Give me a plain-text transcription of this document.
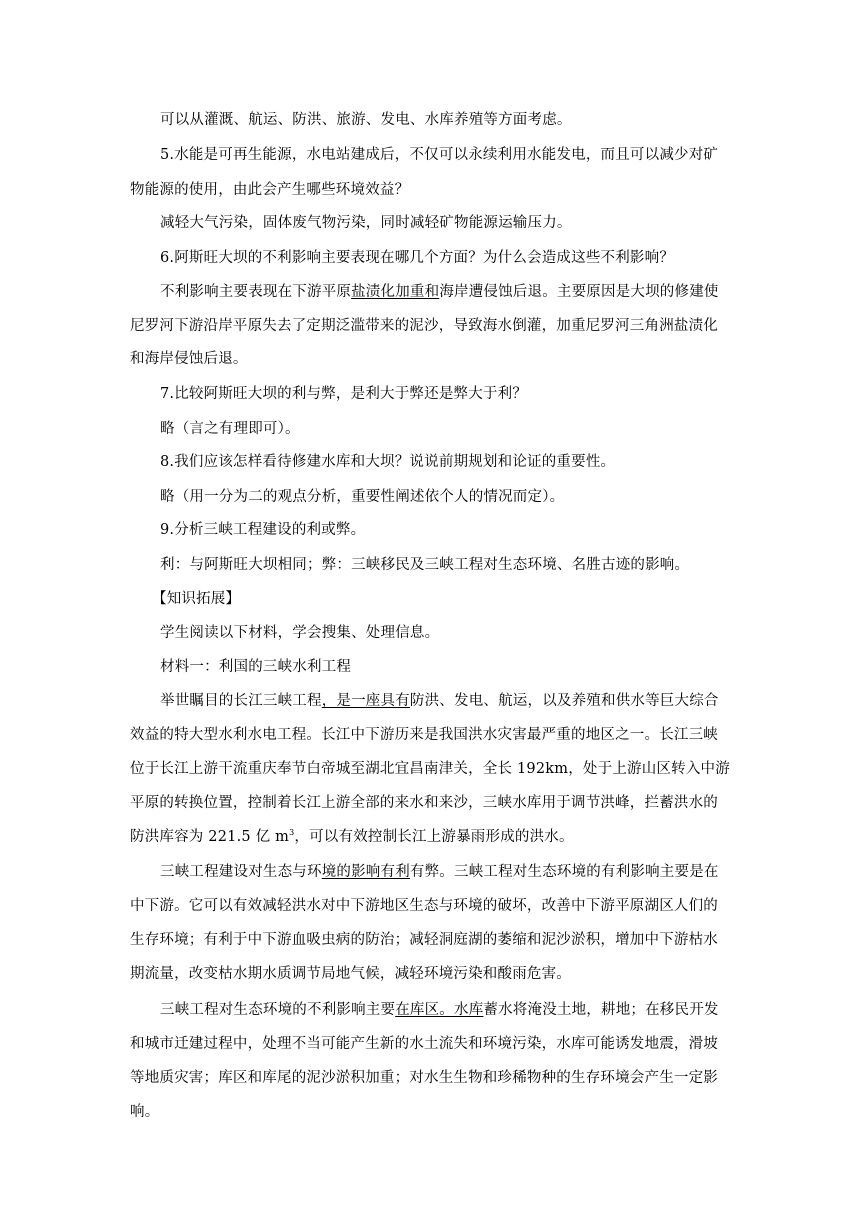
可以从灌溉、航运、防洪、旅游、发电、水库养殖等方面考虑。
5.水能是可再生能源，水电站建成后，不仅可以永续利用水能发电，而且可以减少对矿
物能源的使用，由此会产生哪些环境效益？
减轻大气污染，固体废气物污染，同时减轻矿物能源运输压力。
6.阿斯旺大坝的不利影响主要表现在哪几个方面？为什么会造成这些不利影响？
不利影响主要表现在下游平原盐渍化加重和海岸遭侵蚀后退。主要原因是大坝的修建使
尼罗河下游沿岸平原失去了定期泛滥带来的泥沙，导致海水倒灌，加重尼罗河三角洲盐渍化
和海岸侵蚀后退。
7.比较阿斯旺大坝的利与弊，是利大于弊还是弊大于利？
略（言之有理即可）。
8.我们应该怎样看待修建水库和大坝？说说前期规划和论证的重要性。
略（用一分为二的观点分析，重要性阐述依个人的情况而定）。
9.分析三峡工程建设的利或弊。
利：与阿斯旺大坝相同；弊：三峡移民及三峡工程对生态环境、名胜古迹的影响。
【知识拓展】
学生阅读以下材料，学会搜集、处理信息。
材料一：利国的三峡水利工程
举世瞩目的长江三峡工程，是一座具有防洪、发电、航运，以及养殖和供水等巨大综合
效益的特大型水利水电工程。长江中下游历来是我国洪水灾害最严重的地区之一。长江三峡
位于长江上游干流重庆奉节白帝城至湖北宜昌南津关，全长 192km，处于上游山区转入中游
平原的转换位置，控制着长江上游全部的来水和来沙，三峡水库用于调节洪峰，拦蓄洪水的
防洪库容为 221.5 亿 $m^3$，可以有效控制长江上游暴雨形成的洪水。
三峡工程建设对生态与环境的影响有利有弊。三峡工程对生态环境的有利影响主要是在
中下游。它可以有效减轻洪水对中下游地区生态与环境的破坏，改善中下游平原湖区人们的
生存环境；有利于中下游血吸虫病的防治；减轻洞庭湖的萎缩和泥沙淤积，增加中下游枯水
期流量，改变枯水期水质调节局地气候，减轻环境污染和酸雨危害。
三峡工程对生态环境的不利影响主要在库区。水库蓄水将淹没土地，耕地；在移民开发
和城市迁建过程中，处理不当可能产生新的水土流失和环境污染，水库可能诱发地震，滑坡
等地质灾害；库区和库尾的泥沙淤积加重；对水生生物和珍稀物种的生存环境会产生一定影
响。
